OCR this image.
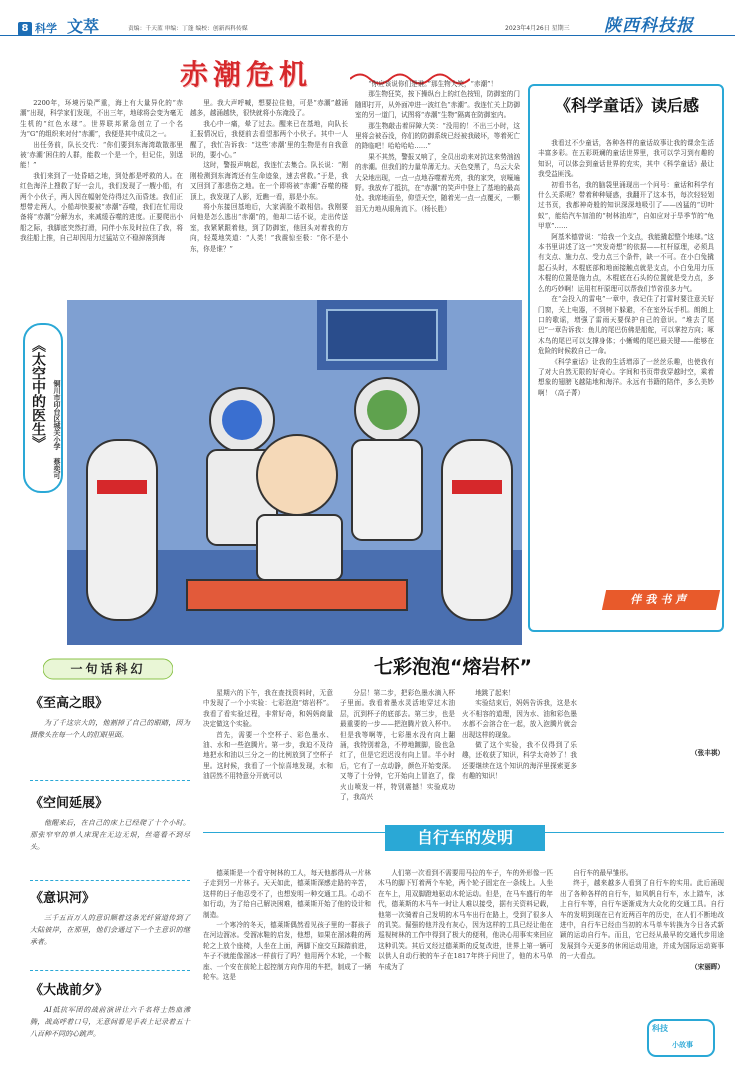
8 科学 文萃	责编：千天蓝 审编：丁蓬 编校：创新西科传媒	2023年4月26日 星期三 陕西科技报
赤潮危机

2200年，环境污染严重，海上有大量异化的“赤潮”出现，科学家们发现，不出三年，地球将会变为毫无生机的“红色水球”。世界联邦紧急创立了一个名为“G”的组织来对付“赤潮”，我便是其中成员之一。

出任务前，队长交代：“你们要到东海湾敢散那里被‘赤潮’困住的人群，能救一个是一个，但记住，别逞能！”

我们来到了一处昏暗之地，到处都是呼救的人。在红色海洋上搜救了好一会儿，我们发现了一艘小船，有两个小伙子，两人因在幅射处待得过久而昏迷。我们正想带走两人，小船却快要被“赤潮”吞噬，我们在忙用设备将“赤潮”分解为水，来减缓吞噬的进度。正要爬出小船之际，我脚底突然打滑，同伴小东及时拉住了我，将我往船上推，自己却因用力过猛站立不稳掉落到海

里。我大声呼喊，想要拉住他，可是“赤潮”越涌越多，越涌越快，很快就将小东淹没了。

我心中一痛，晕了过去。醒来已在基地，向队长汇报情况后，我便前去看望那两个小伙子。其中一人醒了，我忙告诉我：“这些‘赤潮’里的生物是有自我意识的，要小心。”

这时，警报声响起，我连忙去集合。队长说：“刚刚检测到东海湾还有生命迹象，速去营救。”于是，我又回到了那悲伤之地。在一个即将被“赤潮”吞噬的楼顶上，我发现了人影，近瞧一看，那是小东。

将小东接回基地后，大家满脸不敢相信。我刚要问他是怎么逃出“赤潮”的，他却二话不说，走出传送室，我紧紧跟着他，到了防御室，他回头对着我的方向，轻蔑地笑道：“人类！”我震惊至极：“你不是小东，你是谁？”

“你应该说你们是谁。”那生物大笑，“赤潮”！

那生物狂笑，按下操纵台上的红色按钮，防御室的门随即打开，从外面冲进一波红色“赤潮”。我连忙关上防御室的另一道门，试图将“赤潮”生物”隔离在防御室内。

那生物敲击着屏障大笑：“没用的！不出三小时，这里将会被吞没，你们的防御系统已经被我破坏，等着死亡的降临吧！哈哈哈哈……”

果不其然，警报又响了，全员出动来对抗这来势汹汹的赤潮。但我们的力量单薄无力。天色变黑了，乌云大朵大朵地出现，一点一点地吞噬着光亮，我的家突，哀嚎遍野。我放弃了抵抗，在“赤潮”的笑声中登上了基地的最高处。我席地而坐，仰望天空，随着光一点一点覆灭，一颗泪无力地从眼角流下。（杨长胜）

《科学童话》读后感

我看过不少童话，各种各样的童话故事让我的课余生活丰富多彩。在五彩斑斓的童话世界里，我可以学习到有趣的知识，可以体会到童话世界的充实，其中《科学童话》最让我受益匪浅。

初看书名，我的脑袋里涌现出一个问号：童话和科学有什么关系呢？带着种种疑惑，我翻开了这本书，每次轻轻划过书页，我都神奇般的知识深深地吸引了——凶猛的“切叶蚁”，能给汽车加油的“树林油库”，自如应对于旱季节的“龟甲草”……

阿基米德曾说：“给我一个支点，我能撬起整个地球。”这本书里讲述了这一“突发奇想”的依据——杠杆原理，必须具有支点、施力点、受力点三个条件，缺一不可。在小白兔撬起石头时，木棍底部和地面接触点就是支点，小白兔用力压木棍的位置是施力点，木棍底在石头的位置就是受力点，多么的巧妙啊！运用杠杆原理可以帮我们节省很多力气。

在“会投入的雷电”一章中，我记住了打雷时要注意关好门窗，关上电器，不到树下躲避，不在室外玩手机。朗朗上口的歌谣，增强了雷雨天要保护自己的意识。“堆去了尾巴”一章告诉我：鱼儿的尾巴仿佛是船舵，可以掌控方向；啄木鸟的尾巴可以支撑身体；小蜥蜴的尾巴最关键——能够在危险的时候救自己一命。

《科学童话》让我的生活增添了一丝丝乐趣，也使我有了对大自然无限的好奇心。字间和书页带我穿越时空，乘着想象的翅膀飞越陆地和海洋。永远有书籍的陪伴，多么美妙啊！（高子菁）

伴我书声
《太空中的医生》	铜川市印台区城关小学 蔡奕可
一句话科幻
《至高之眼》
为了千这宗大的，他割掉了自己的眼睛，因为摄像头在每一个人的肛眼里面。
《空间延展》
他醒来后，在自己的床上已经爬了十个小时。那张窄窄的单人床现在无边无垠，丝毫看不到尽头。
《意识河》
三千五百万人的意识顺着这条光纤管道传到了大陆彼岸，在那里，他们会通过下一个主意识的继承者。
《大战前夕》
AI抵抗军团的战前演讲让六千名将士热血沸腾，战高呼着口号，无意间看见手表上记录着五十八百种不同的心跳声。
七彩泡泡“熔岩杯”

星期六的下午，我在查找资料时，无意中发现了一个小实验：七彩泡泡“熔岩杯”。我看了看实验过程，非常好奇，和妈妈商量决定做这个实验。

首先，需要一个空杯子、彩色墨水、油、水和一些泡腾片。第一步，我迫不及待地把水和油以三分之一的比例放到了空杯子里。这时候，我看了一个惊喜地发现，水和油居然不用特意分开就可以

分层！第二步，把彩色墨水滴入杯子里面。我看着墨水灵活地穿过木油层，沉到杯子的底部去。第三步，也是最重要的一步——把泡腾片放入杯中。但是我等啊等，七彩墨水没有向上翻涌，我特别着急，不停地踱脚，脸也急红了，但是它迟迟没有向上冒。半小时后，它有了一点动静，颜色开始变深。又等了十分钟，它开始向上冒泡了，像火山喷发一样，特别震撼！实验成功了，我高兴

地跳了起来！

实验结束后，妈妈告诉我，这是水火不相容的道理，因为水、油和彩色墨水都不会溶合在一起，放入泡腾片就会出现这样的现象。

做了这个实验，我不仅得到了乐趣，还收获了知识，科学太奇妙了！我还要继续在这个知识的海洋里探索更多有趣的知识！

（张丰祺）
自行车的发明

德莱斯是一个看守树林的工人，每天他都得从一片林子走到另一片林子。天天如此，德莱斯深感走路的辛苦，这样的日子他忍受不了，也想发明一种交通工具。心动不如行动，为了给自己解决困难，德莱斯开始了他的设计和制造。

一个寒冷的冬天，德莱斯偶然看见孩子里的一群孩子在河边溜冰。受溜冰鞋的启发，他想，如果在溜冰鞋的两轮之上放个座椅，人坐在上面，两脚下座交互踩踏前进，车子不就能像溜冰一样前行了吗？他用两个木轮，一个鞍座、一个安在前轮上起控制方向作用的车把，制成了一辆轮车。这是

人们第一次看到不需要用马拉的车子，车的外形像一匹木马的脚下钉着两个车轮，两个轮子固定在一条线上。人坐在车上，用双脚蹬地驱动木轮运动。但是，在马车盛行的年代，德莱斯的木马车一时让人难以接受，据有关资料记载，他第一次骑着自己发明的木马车出行在路上，受到了很多人的讥笑。倔强的他并没有灰心，因为这样的工具已经让他在巡视树林的工作中得到了极大的便利，他决心用事实来回应这种讥笑。其后又经过德莱斯的反复改进，世界上第一辆可以供人自动行驶的车子在1817年终于问世了，他的木马单车成为了

自行车的最早雏形。

终于，越来越多人看到了自行车的实用。此后涌现出了各种各样的自行车，如风帆自行车，水上踏车，冰上自行车等，自行车逐渐成为大众化的交通工具。自行车的发明到现在已有近两百年的历史，在人们不断地改进中，自行车已经由当初的木马单车转换为今日各式新颖的运动自行车。而且，它已经从最早的交通代步用途发展到今天更多的休闲运动用途，并成为国际运动赛事的一大看点。

（宋丽晖）
科技
小故事
